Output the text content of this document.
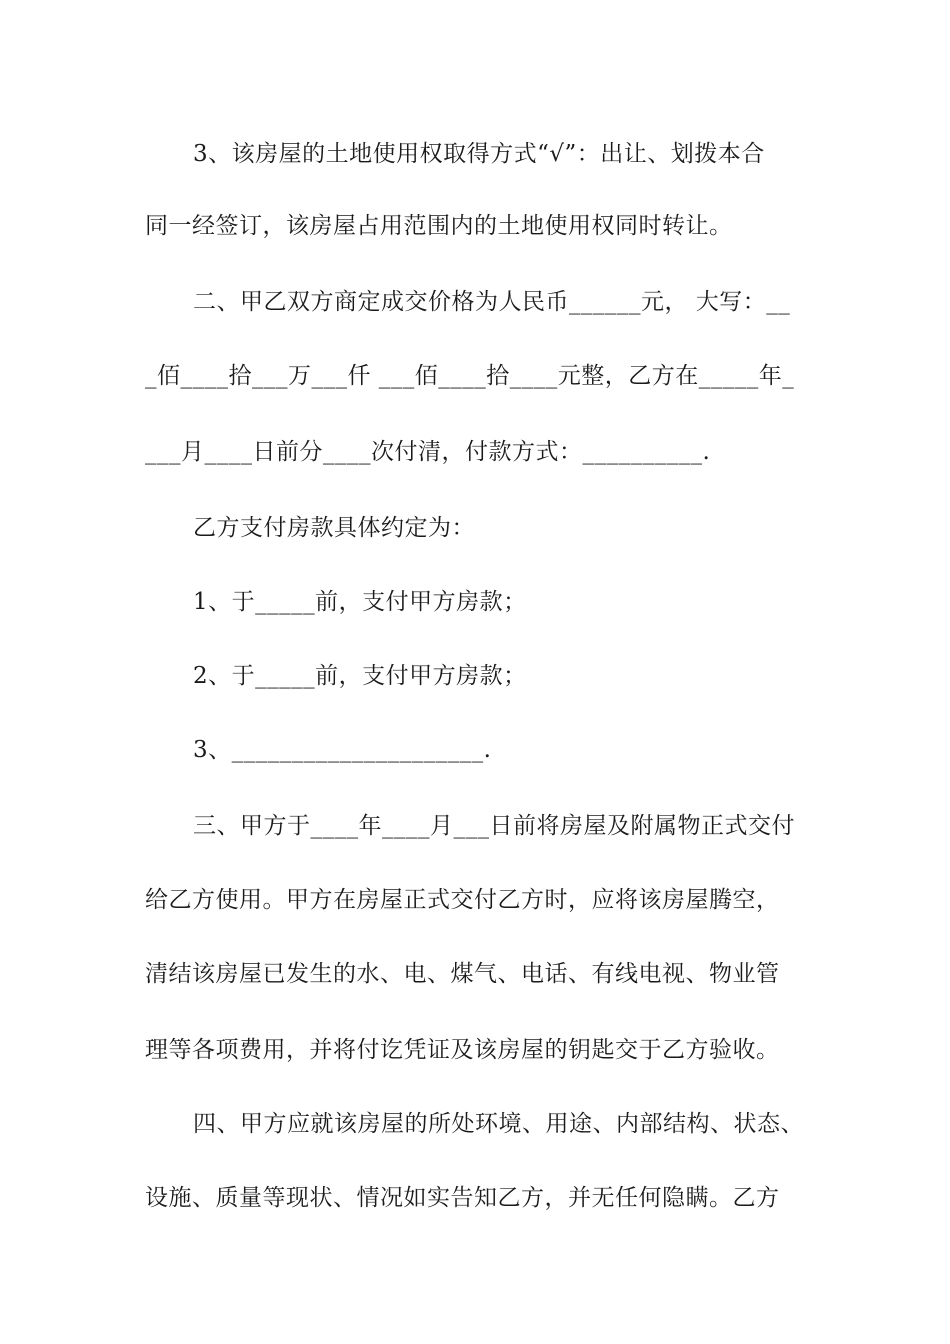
3、该房屋的土地使用权取得方式“√”：出让、划拨本合
同一经签订，该房屋占用范围内的土地使用权同时转让。
二、甲乙双方商定成交价格为人民币______元， 大写：__
_佰____拾___万___仟 ___佰____拾____元整，乙方在_____年_
___月____日前分____次付清，付款方式：__________.
乙方支付房款具体约定为：
1、于_____前，支付甲方房款；
2、于_____前，支付甲方房款；
3、_____________________.
三、甲方于____年____月___日前将房屋及附属物正式交付
给乙方使用。甲方在房屋正式交付乙方时，应将该房屋腾空，
清结该房屋已发生的水、电、煤气、电话、有线电视、物业管
理等各项费用，并将付讫凭证及该房屋的钥匙交于乙方验收。
四、甲方应就该房屋的所处环境、用途、内部结构、状态、
设施、质量等现状、情况如实告知乙方，并无任何隐瞒。乙方
